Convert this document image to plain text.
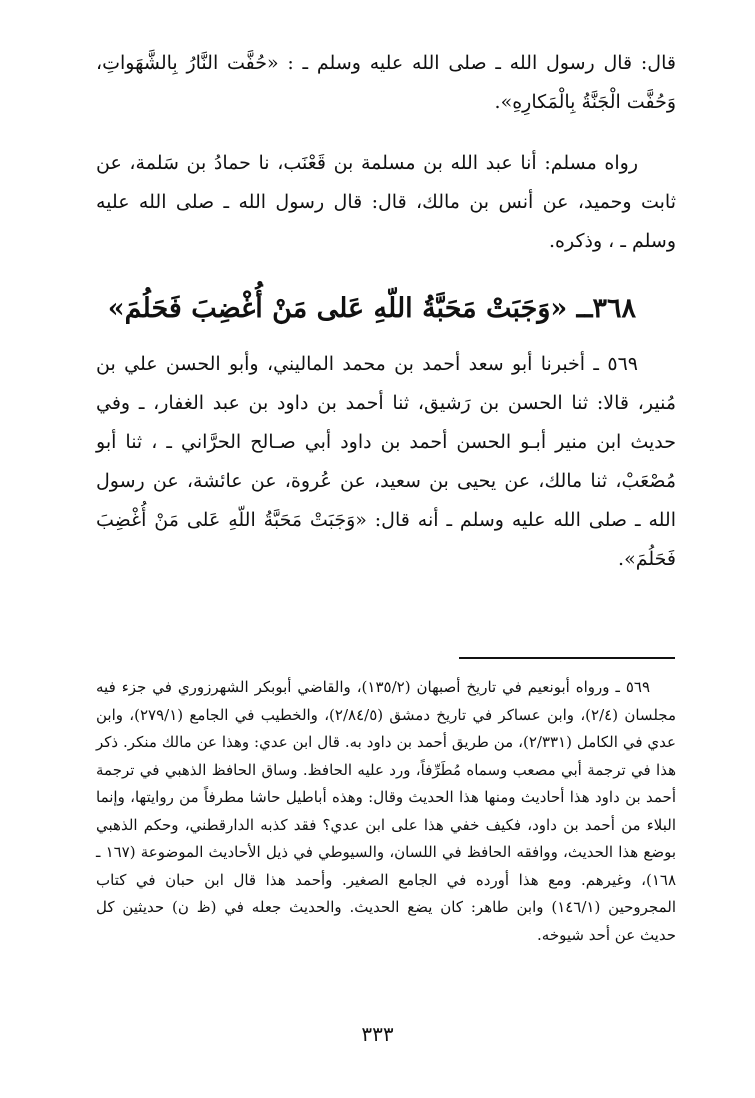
قال: قال رسول الله ـ صلى الله عليه وسلم ـ : «حُفَّت النَّارُ بِالشَّهَواتِ، وَحُفَّت الْجَنَّةُ بِالْمَكارِهِ».

رواه مسلم: أنا عبد الله بن مسلمة بن قَعْنَب، نا حمادُ بن سَلمة، عن ثابت وحميد، عن أنس بن مالك، قال: قال رسول الله ـ صلى الله عليه وسلم ـ ، وذكره.

٣٦٨ــ «وَجَبَتْ مَحَبَّةُ اللّهِ عَلى مَنْ أُغْضِبَ فَحَلُمَ»

٥٦٩ ـ أخبرنا أبو سعد أحمد بن محمد الماليني، وأبو الحسن علي بن مُنير، قالا: ثنا الحسن بن رَشيق، ثنا أحمد بن داود بن عبد الغفار، ـ وفي حديث ابن منير أبـو الحسن أحمد بن داود أبي صـالح الحرَّاني ـ ، ثنا أبو مُصْعَبْ، ثنا مالك، عن يحيى بن سعيد، عن عُروة، عن عائشة، عن رسول الله ـ صلى الله عليه وسلم ـ أنه قال: «وَجَبَتْ مَحَبَّةُ اللّهِ عَلى مَنْ أُغْضِبَ فَحَلُمَ».

٥٦٩ ـ ورواه أبونعيم في تاريخ أصبهان (١٣٥/٢)، والقاضي أبوبكر الشهرزوري في جزء فيه مجلسان (٢/٤)، وابن عساكر في تاريخ دمشق (٢/٨٤/٥)، والخطيب في الجامع (٢٧٩/١)، وابن عدي في الكامل (٢/٣٣١)، من طريق أحمد بن داود به. قال ابن عدي: وهذا عن مالك منكر. ذكر هذا في ترجمة أبي مصعب وسماه مُطَرِّفاً، ورد عليه الحافظ. وساق الحافظ الذهبي في ترجمة أحمد بن داود هذا أحاديث ومنها هذا الحديث وقال: وهذه أباطيل حاشا مطرفاً من روايتها، وإنما البلاء من أحمد بن داود، فكيف خفي هذا على ابن عدي؟ فقد كذبه الدارقطني، وحكم الذهبي بوضع هذا الحديث، ووافقه الحافظ في اللسان، والسيوطي في ذيل الأحاديث الموضوعة (١٦٧ ـ ١٦٨)، وغيرهم. ومع هذا أورده في الجامع الصغير. وأحمد هذا قال ابن حبان في كتاب المجروحين (١٤٦/١) وابن طاهر: كان يضع الحديث. والحديث جعله في (ظ ن) حديثين كل حديث عن أحد شيوخه.

٣٣٣
